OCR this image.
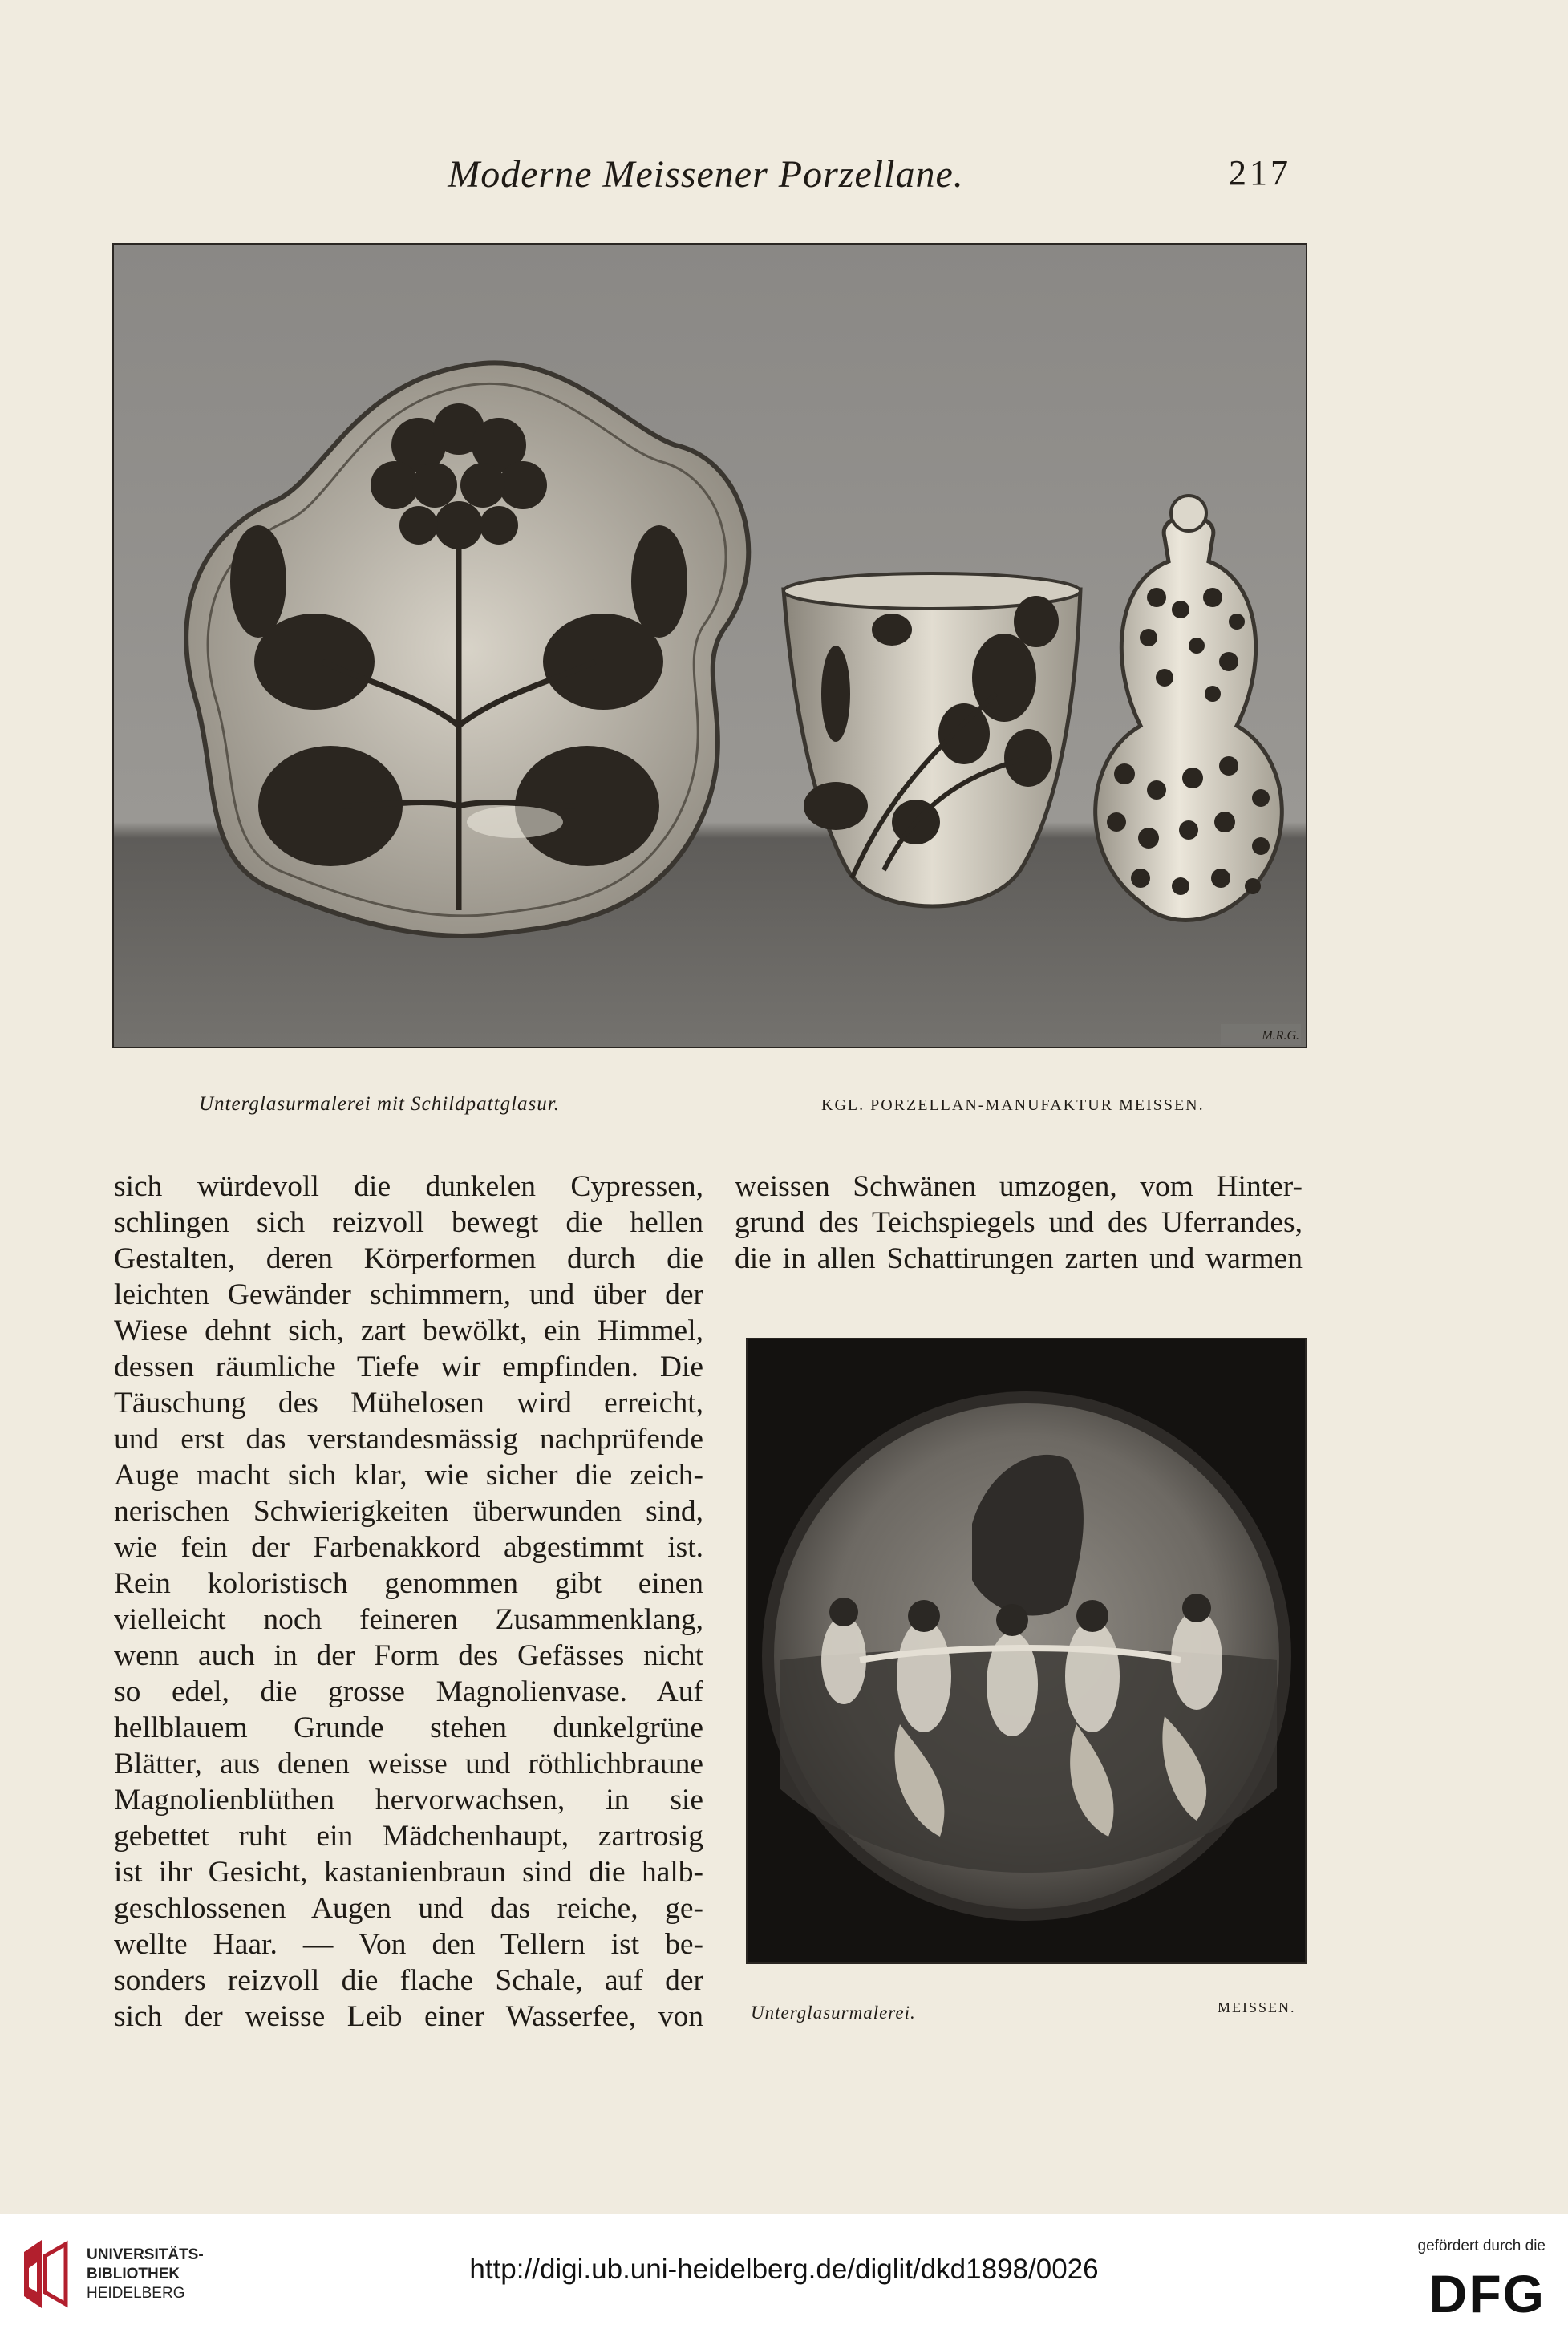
Moderne Meissener Porzellane.	217
M.R.G.
Unterglasurmalerei mit Schildpattglasur.	KGL. PORZELLAN-MANUFAKTUR MEISSEN.
sich würdevoll die dunkelen Cypressen,
schlingen sich reizvoll bewegt die hellen
Gestalten, deren Körperformen durch die
leichten Gewänder schimmern, und über der
Wiese dehnt sich, zart bewölkt, ein Himmel,
dessen räumliche Tiefe wir empfinden. Die
Täuschung des Mühelosen wird erreicht,
und erst das verstandesmässig nachprüfende
Auge macht sich klar, wie sicher die zeich-
nerischen Schwierigkeiten überwunden sind,
wie fein der Farbenakkord abgestimmt ist.
Rein koloristisch genommen gibt einen
vielleicht noch feineren Zusammenklang,
wenn auch in der Form des Gefässes nicht
so edel, die grosse Magnolienvase. Auf
hellblauem Grunde stehen dunkelgrüne
Blätter, aus denen weisse und röthlichbraune
Magnolienblüthen hervorwachsen, in sie
gebettet ruht ein Mädchenhaupt, zartrosig
ist ihr Gesicht, kastanienbraun sind die halb-
geschlossenen Augen und das reiche, ge-
wellte Haar. — Von den Tellern ist be-
sonders reizvoll die flache Schale, auf der
sich der weisse Leib einer Wasserfee, von
weissen Schwänen umzogen, vom Hinter-
grund des Teichspiegels und des Uferrandes,
die in allen Schattirungen zarten und warmen
Unterglasurmalerei.	MEISSEN.
UNIVERSITÄTS-
BIBLIOTHEK
HEIDELBERG
http://digi.ub.uni-heidelberg.de/diglit/dkd1898/0026
gefördert durch die
DFG
